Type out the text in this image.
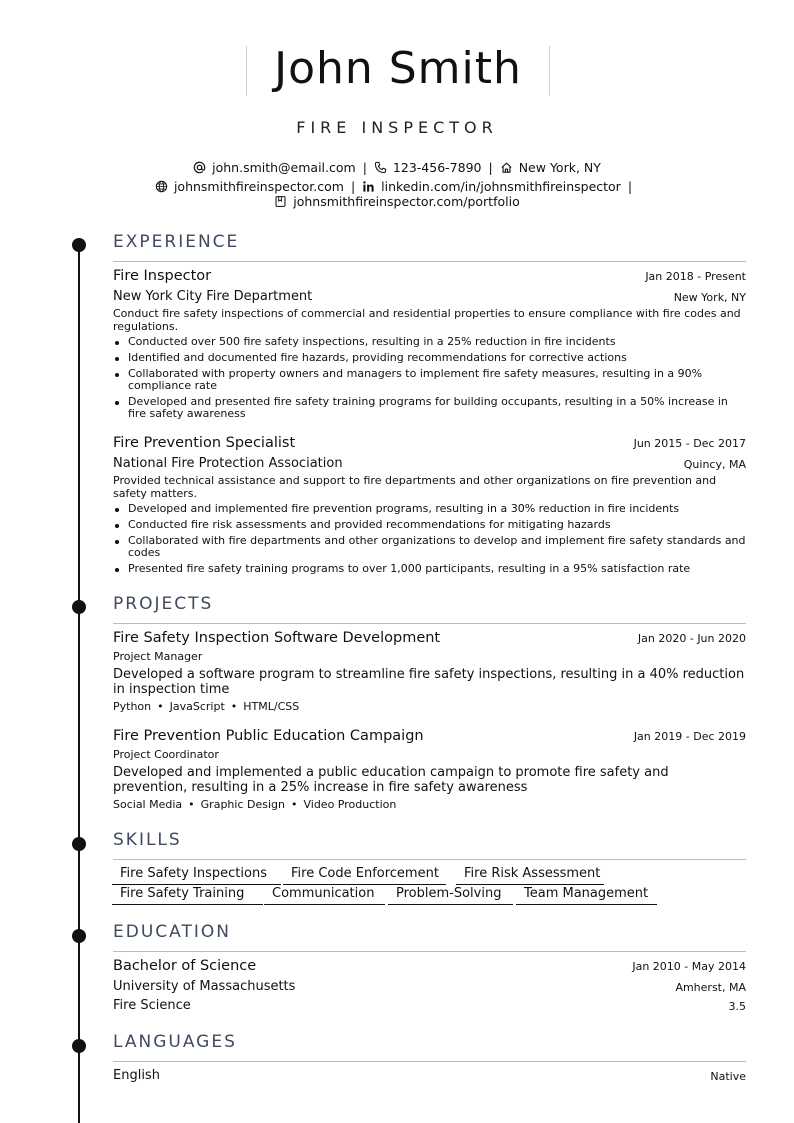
John Smith
FIRE INSPECTOR
john.smith@email.com | 123-456-7890 | New York, NY
johnsmithfireinspector.com | linkedin.com/in/johnsmithfireinspector |
johnsmithfireinspector.com/portfolio
EXPERIENCE
Fire Inspector	Jan 2018 - Present
New York City Fire Department	New York, NY
Conduct fire safety inspections of commercial and residential properties to ensure compliance with fire codes and regulations.
Conducted over 500 fire safety inspections, resulting in a 25% reduction in fire incidents
Identified and documented fire hazards, providing recommendations for corrective actions
Collaborated with property owners and managers to implement fire safety measures, resulting in a 90% compliance rate
Developed and presented fire safety training programs for building occupants, resulting in a 50% increase in fire safety awareness
Fire Prevention Specialist	Jun 2015 - Dec 2017
National Fire Protection Association	Quincy, MA
Provided technical assistance and support to fire departments and other organizations on fire prevention and safety matters.
Developed and implemented fire prevention programs, resulting in a 30% reduction in fire incidents
Conducted fire risk assessments and provided recommendations for mitigating hazards
Collaborated with fire departments and other organizations to develop and implement fire safety standards and codes
Presented fire safety training programs to over 1,000 participants, resulting in a 95% satisfaction rate
PROJECTS
Fire Safety Inspection Software Development	Jan 2020 - Jun 2020
Project Manager
Developed a software program to streamline fire safety inspections, resulting in a 40% reduction in inspection time
Python • JavaScript • HTML/CSS
Fire Prevention Public Education Campaign	Jan 2019 - Dec 2019
Project Coordinator
Developed and implemented a public education campaign to promote fire safety and prevention, resulting in a 25% increase in fire safety awareness
Social Media • Graphic Design • Video Production
SKILLS
Fire Safety Inspections	Fire Code Enforcement	Fire Risk Assessment
Fire Safety Training	Communication	Problem-Solving	Team Management
EDUCATION
Bachelor of Science	Jan 2010 - May 2014
University of Massachusetts	Amherst, MA
Fire Science	3.5
LANGUAGES
English	Native
